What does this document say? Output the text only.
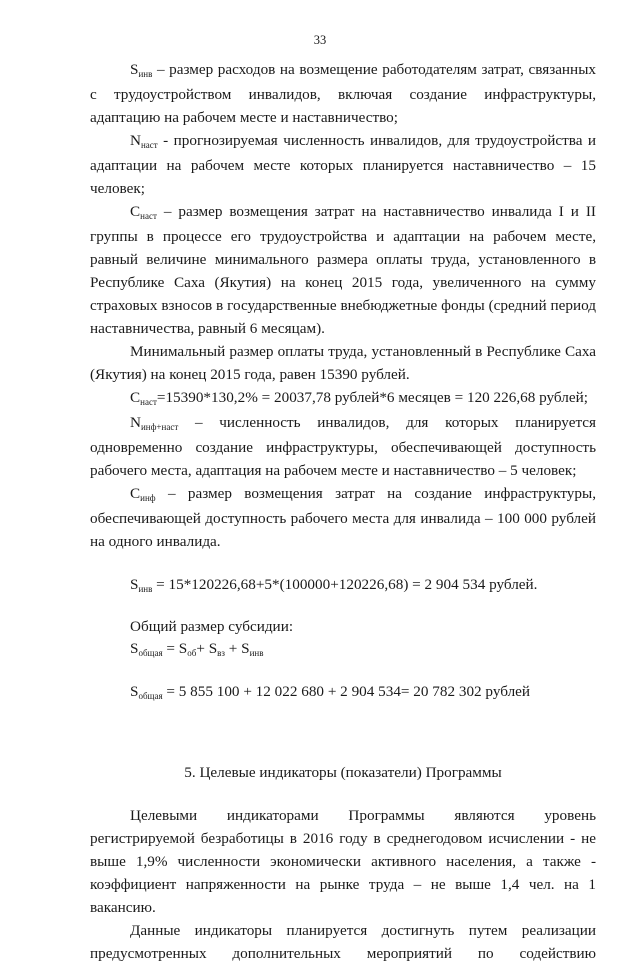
33

$S_{инв}$ – размер расходов на возмещение работодателям затрат, связанных с трудоустройством инвалидов, включая создание инфраструктуры, адаптацию на рабочем месте и наставничество;

$N_{наст}$ - прогнозируемая численность инвалидов, для трудоустройства и адаптации на рабочем месте которых планируется наставничество – 15 человек;

$C_{наст}$ – размер возмещения затрат на наставничество инвалида I и II группы в процессе его трудоустройства и адаптации на рабочем месте, равный величине минимального размера оплаты труда, установленного в Республике Саха (Якутия) на конец 2015 года, увеличенного на сумму страховых взносов в государственные внебюджетные фонды (средний период наставничества, равный 6 месяцам).

Минимальный размер оплаты труда, установленный в Республике Саха (Якутия) на конец 2015 года, равен 15390 рублей.

$C_{наст}=15390*130,2\% = 20037,78$ рублей*6 месяцев = 120 226,68 рублей;

$N_{инф+наст}$ – численность инвалидов, для которых планируется одновременно создание инфраструктуры, обеспечивающей доступность рабочего места, адаптация на рабочем месте и наставничество – 5 человек;

$C_{инф}$ – размер возмещения затрат на создание инфраструктуры, обеспечивающей доступность рабочего места для инвалида – 100 000 рублей на одного инвалида.

$S_{инв} = 15*120226,68+5*(100000+120226,68) = 2$ 904 534 рублей.
Общий размер субсидии:
$S_{общая} = S_{об}+ S_{вз} + S_{инв}$
$S_{общая} = 5$ 855 100 + 12 022 680 + 2 904 534= 20 782 302 рублей
5. Целевые индикаторы (показатели) Программы

Целевыми индикаторами Программы являются уровень регистрируемой безработицы в 2016 году в среднегодовом исчислении - не выше 1,9% численности экономически активного населения, а также - коэффициент напряженности на рынке труда – не выше 1,4 чел. на 1 вакансию.

Данные индикаторы планируется достигнуть путем реализации предусмотренных дополнительных мероприятий по содействию
